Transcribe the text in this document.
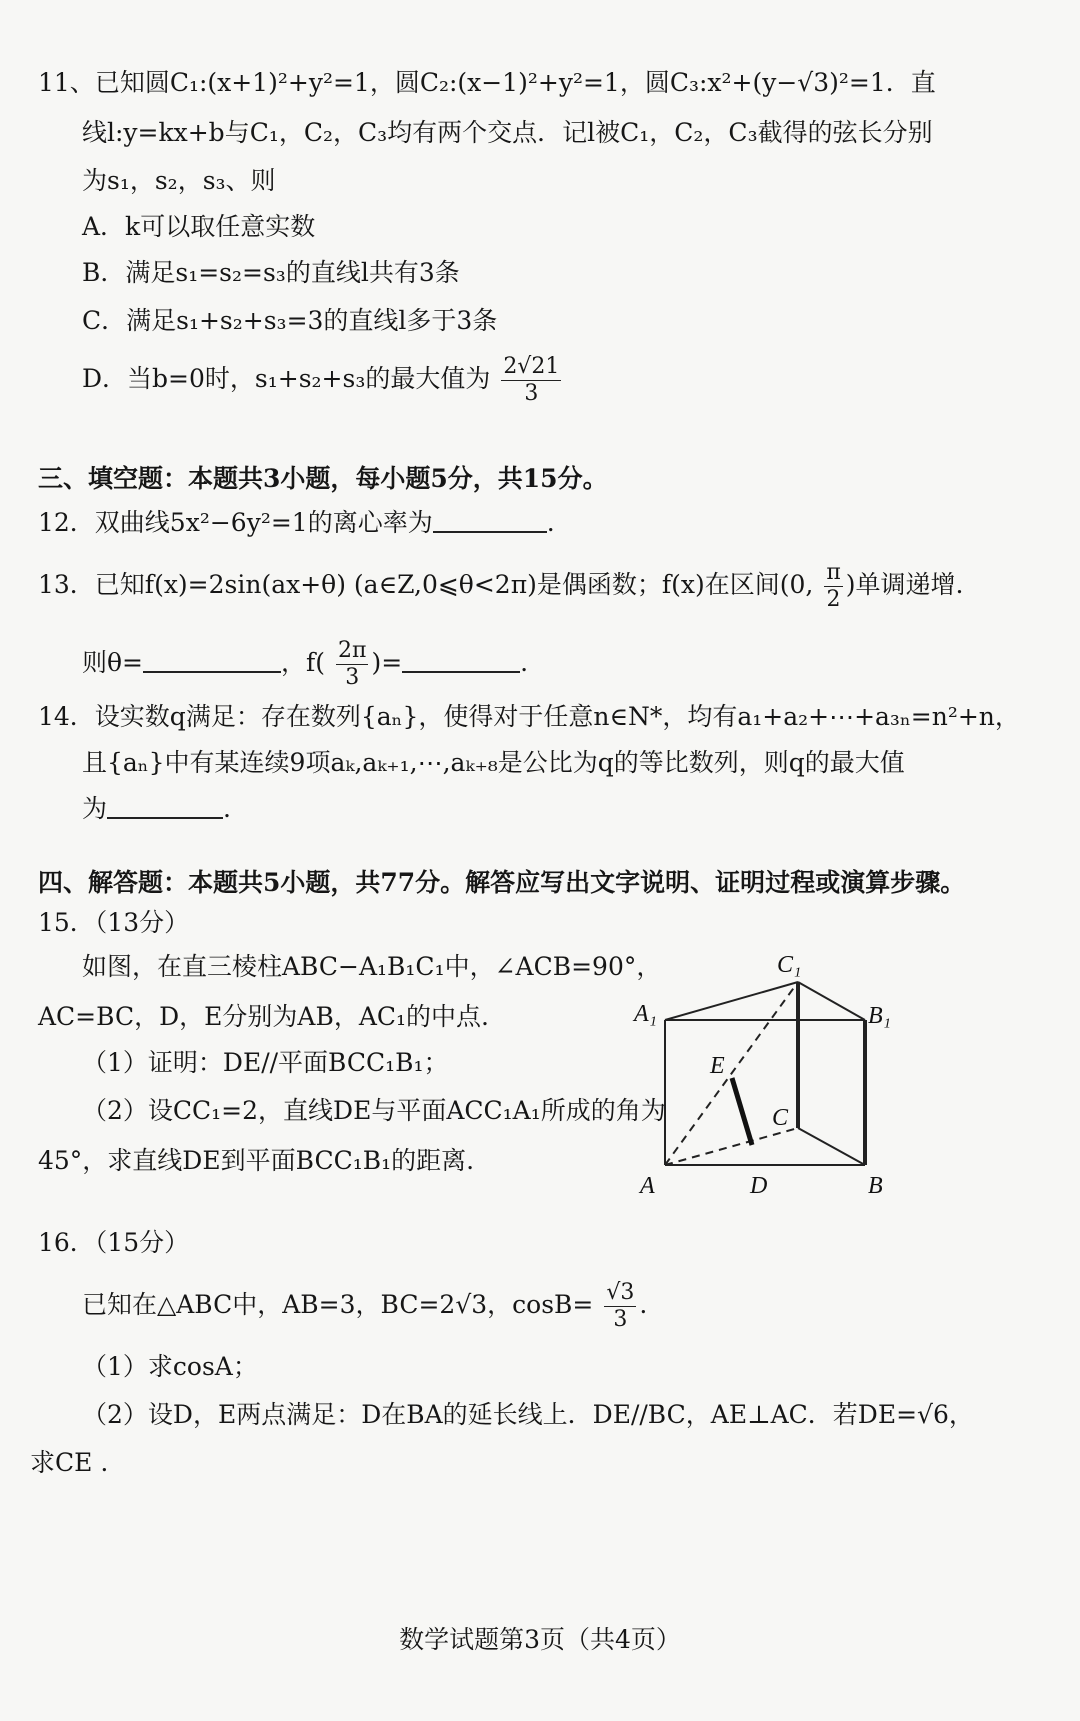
11、已知圆C₁:(x+1)²+y²=1，圆C₂:(x−1)²+y²=1，圆C₃:x²+(y−√3)²=1．直
线l:y=kx+b与C₁，C₂，C₃均有两个交点．记l被C₁，C₂，C₃截得的弦长分别
为s₁，s₂，s₃、则
A．k可以取任意实数
B．满足s₁=s₂=s₃的直线l共有3条
C．满足s₁+s₂+s₃=3的直线l多于3条
D．当b=0时，s₁+s₂+s₃的最大值为 $\frac{2√21}{3}$
三、填空题：本题共3小题，每小题5分，共15分。
12．双曲线5x²−6y²=1的离心率为	.
13．已知f(x)=2sin(ax+θ) (a∈Z,0⩽θ<2π)是偶函数；f(x)在区间(0, $\frac{\pi}{2}$ )单调递增.
则θ=	，$f( \frac{2\pi}{3}$ )=	.
14．设实数q满足：存在数列{aₙ}，使得对于任意n∈N*，均有a₁+a₂+⋯+a₃ₙ=n²+n，
且{aₙ}中有某连续9项aₖ,aₖ₊₁,⋯,aₖ₊₈是公比为q的等比数列，则q的最大值
为	.
四、解答题：本题共5小题，共77分。解答应写出文字说明、证明过程或演算步骤。
15．（13分）
如图，在直三棱柱ABC−A₁B₁C₁中，∠ACB=90°，
AC=BC，D，E分别为AB，AC₁的中点.
（1）证明：DE//平面BCC₁B₁；
（2）设CC₁=2，直线DE与平面ACC₁A₁所成的角为
45°，求直线DE到平面BCC₁B₁的距离.
C₁
A₁	B₁
E
C
A	D	B
16．（15分）
已知在△ABC中，AB=3，BC=2√3，$\cos B= \frac{√3}{3}$ .
（1）求cosA；
（2）设D，E两点满足：D在BA的延长线上．DE//BC，AE⊥AC．若DE=√6，
求CE .
数学试题第3页（共4页）
